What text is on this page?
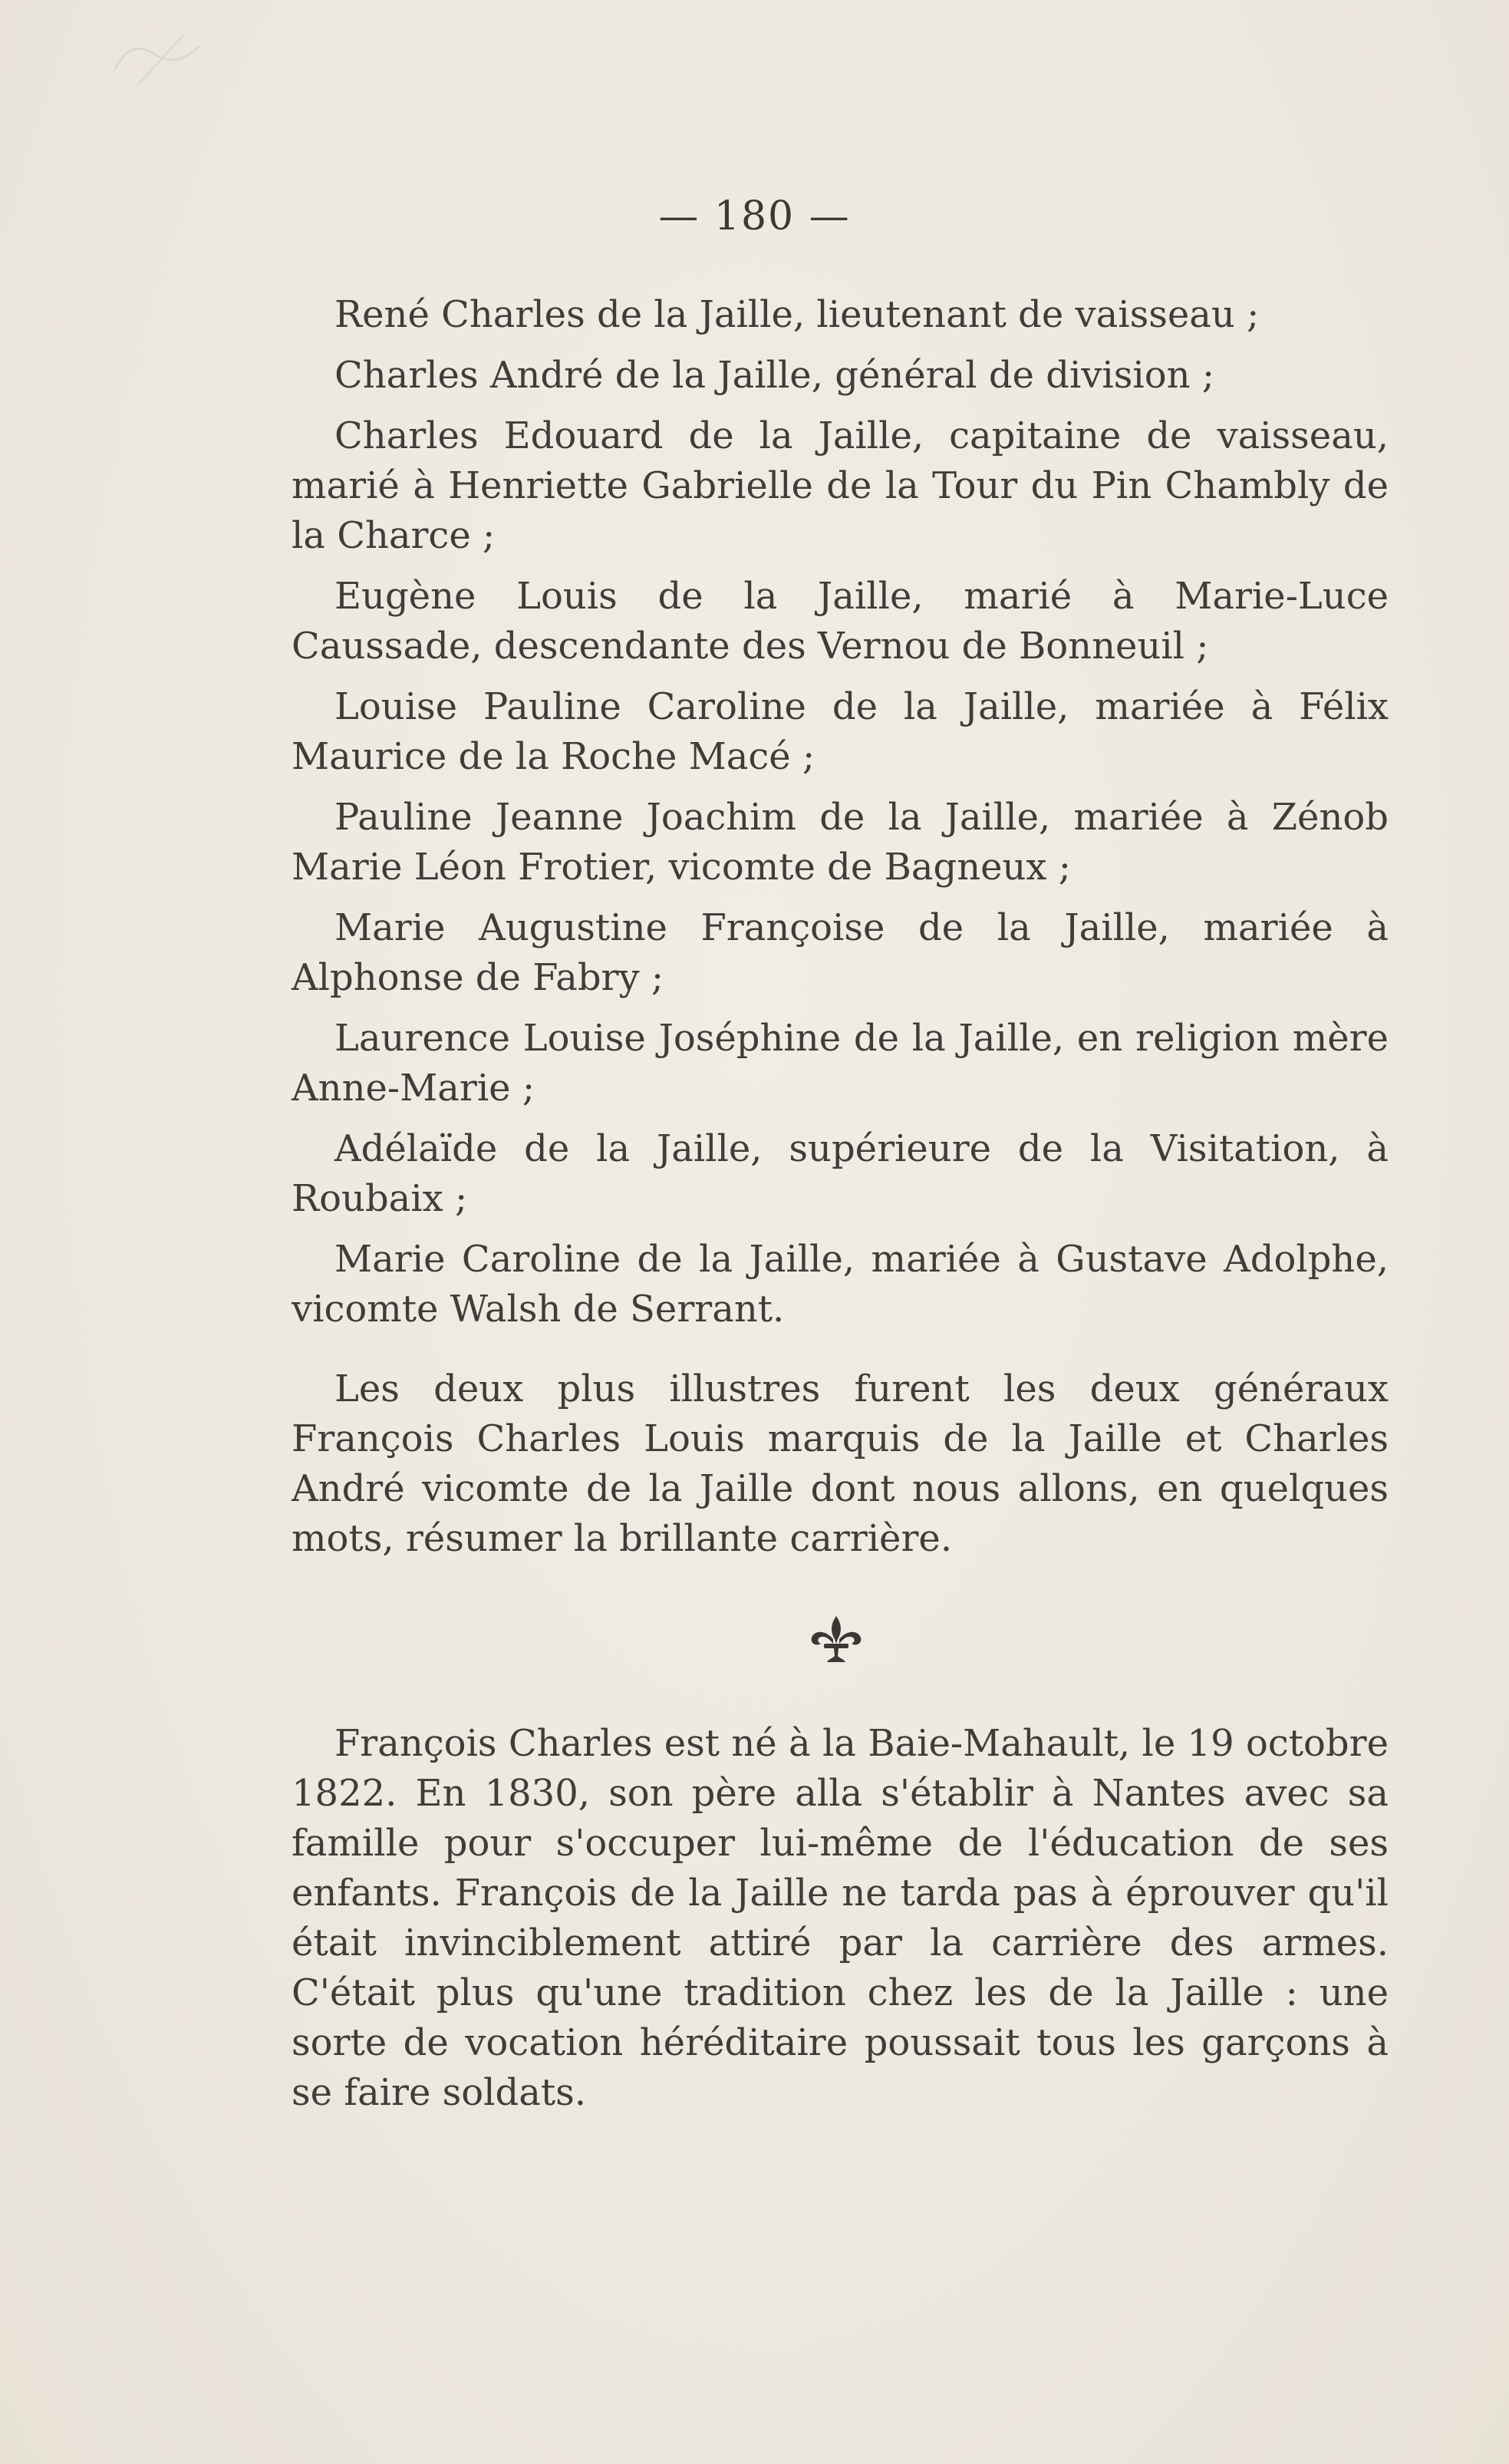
— 180 —

René Charles de la Jaille, lieutenant de vaisseau ;

Charles André de la Jaille, général de division ;

Charles Edouard de la Jaille, capitaine de vaisseau, marié à Henriette Gabrielle de la Tour du Pin Chambly de la Charce ;

Eugène Louis de la Jaille, marié à Marie-Luce Caussade, descendante des Vernou de Bonneuil ;

Louise Pauline Caroline de la Jaille, mariée à Félix Maurice de la Roche Macé ;

Pauline Jeanne Joachim de la Jaille, mariée à Zénob Marie Léon Frotier, vicomte de Bagneux ;

Marie Augustine Françoise de la Jaille, mariée à Alphonse de Fabry ;

Laurence Louise Joséphine de la Jaille, en religion mère Anne-Marie ;

Adélaïde de la Jaille, supérieure de la Visitation, à Roubaix ;

Marie Caroline de la Jaille, mariée à Gustave Adolphe, vicomte Walsh de Serrant.

Les deux plus illustres furent les deux généraux François Charles Louis marquis de la Jaille et Charles André vicomte de la Jaille dont nous allons, en quelques mots, résumer la brillante carrière.

François Charles est né à la Baie-Mahault, le 19 octobre 1822. En 1830, son père alla s'établir à Nantes avec sa famille pour s'occuper lui-même de l'éducation de ses enfants. François de la Jaille ne tarda pas à éprouver qu'il était invinciblement attiré par la carrière des armes. C'était plus qu'une tradition chez les de la Jaille : une sorte de vocation héréditaire poussait tous les garçons à se faire soldats.
